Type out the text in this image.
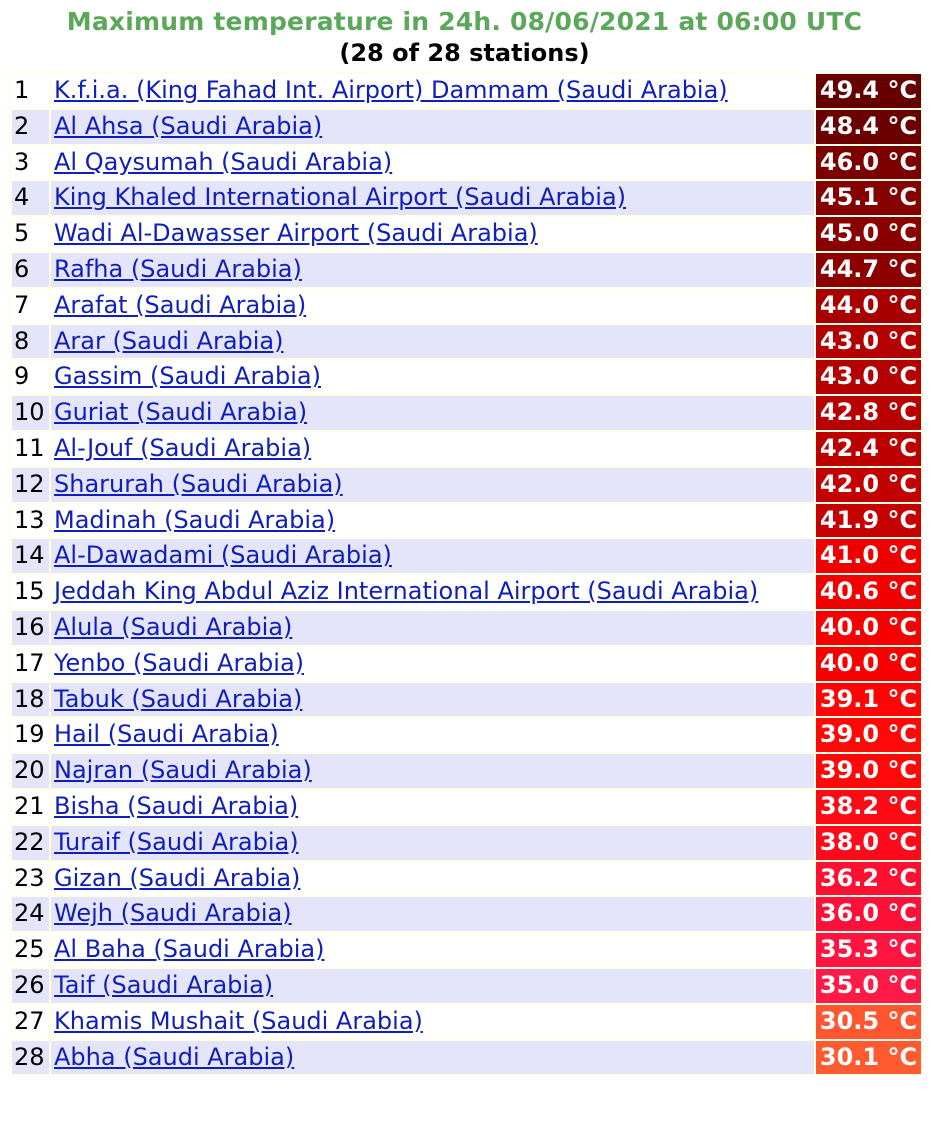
Maximum temperature in 24h. 08/06/2021 at 06:00 UTC
(28 of 28 stations)
1	K.f.i.a. (King Fahad Int. Airport) Dammam (Saudi Arabia)	49.4 °C
2	Al Ahsa (Saudi Arabia)	48.4 °C
3	Al Qaysumah (Saudi Arabia)	46.0 °C
4	King Khaled International Airport (Saudi Arabia)	45.1 °C
5	Wadi Al-Dawasser Airport (Saudi Arabia)	45.0 °C
6	Rafha (Saudi Arabia)	44.7 °C
7	Arafat (Saudi Arabia)	44.0 °C
8	Arar (Saudi Arabia)	43.0 °C
9	Gassim (Saudi Arabia)	43.0 °C
10	Guriat (Saudi Arabia)	42.8 °C
11	Al-Jouf (Saudi Arabia)	42.4 °C
12	Sharurah (Saudi Arabia)	42.0 °C
13	Madinah (Saudi Arabia)	41.9 °C
14	Al-Dawadami (Saudi Arabia)	41.0 °C
15	Jeddah King Abdul Aziz International Airport (Saudi Arabia)	40.6 °C
16	Alula (Saudi Arabia)	40.0 °C
17	Yenbo (Saudi Arabia)	40.0 °C
18	Tabuk (Saudi Arabia)	39.1 °C
19	Hail (Saudi Arabia)	39.0 °C
20	Najran (Saudi Arabia)	39.0 °C
21	Bisha (Saudi Arabia)	38.2 °C
22	Turaif (Saudi Arabia)	38.0 °C
23	Gizan (Saudi Arabia)	36.2 °C
24	Wejh (Saudi Arabia)	36.0 °C
25	Al Baha (Saudi Arabia)	35.3 °C
26	Taif (Saudi Arabia)	35.0 °C
27	Khamis Mushait (Saudi Arabia)	30.5 °C
28	Abha (Saudi Arabia)	30.1 °C
